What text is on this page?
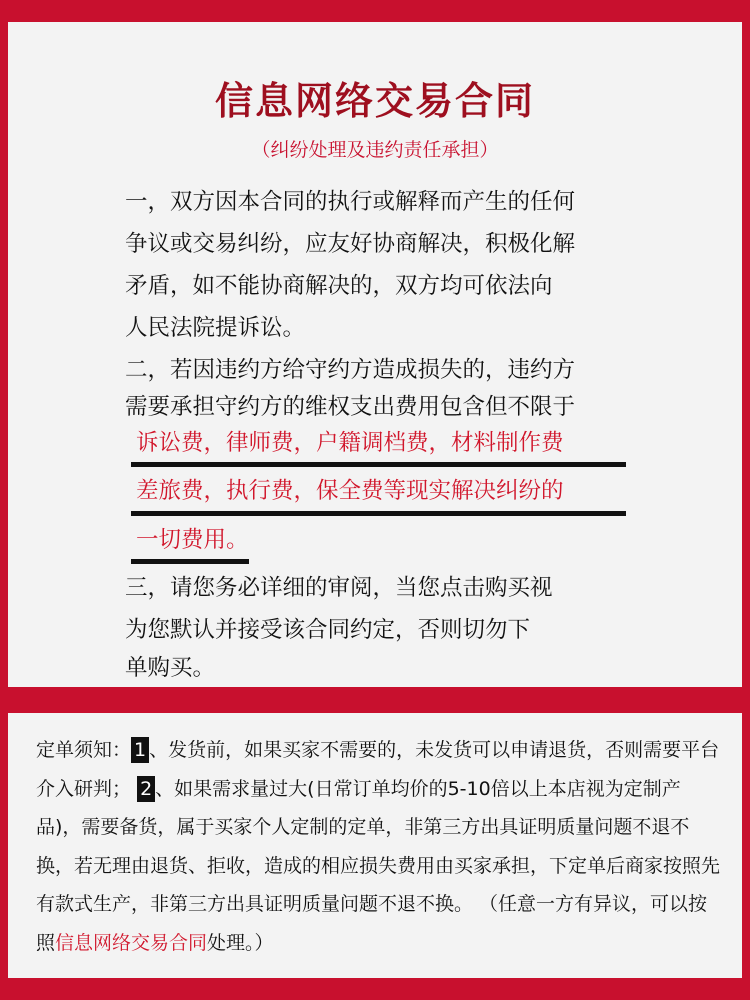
信息网络交易合同
（纠纷处理及违约责任承担）
一，双方因本合同的执行或解释而产生的任何
争议或交易纠纷，应友好协商解决，积极化解
矛盾，如不能协商解决的，双方均可依法向
人民法院提诉讼。
二，若因违约方给守约方造成损失的，违约方
需要承担守约方的维权支出费用包含但不限于
诉讼费，律师费，户籍调档费，材料制作费
差旅费，执行费，保全费等现实解决纠纷的
一切费用。
三，请您务必详细的审阅，当您点击购买视
为您默认并接受该合同约定，否则切勿下
单购买。

定单须知： 1 、发货前，如果买家不需要的，未发货可以申请退货，否则需要平台介入研判； 2 、如果需求量过大(日常订单均价的5-10倍以上本店视为定制产品)，需要备货，属于买家个人定制的定单，非第三方出具证明质量问题不退不换，若无理由退货、拒收，造成的相应损失费用由买家承担，下定单后商家按照先有款式生产，非第三方出具证明质量问题不退不换。 （任意一方有异议，可以按照信息网络交易合同处理。）
